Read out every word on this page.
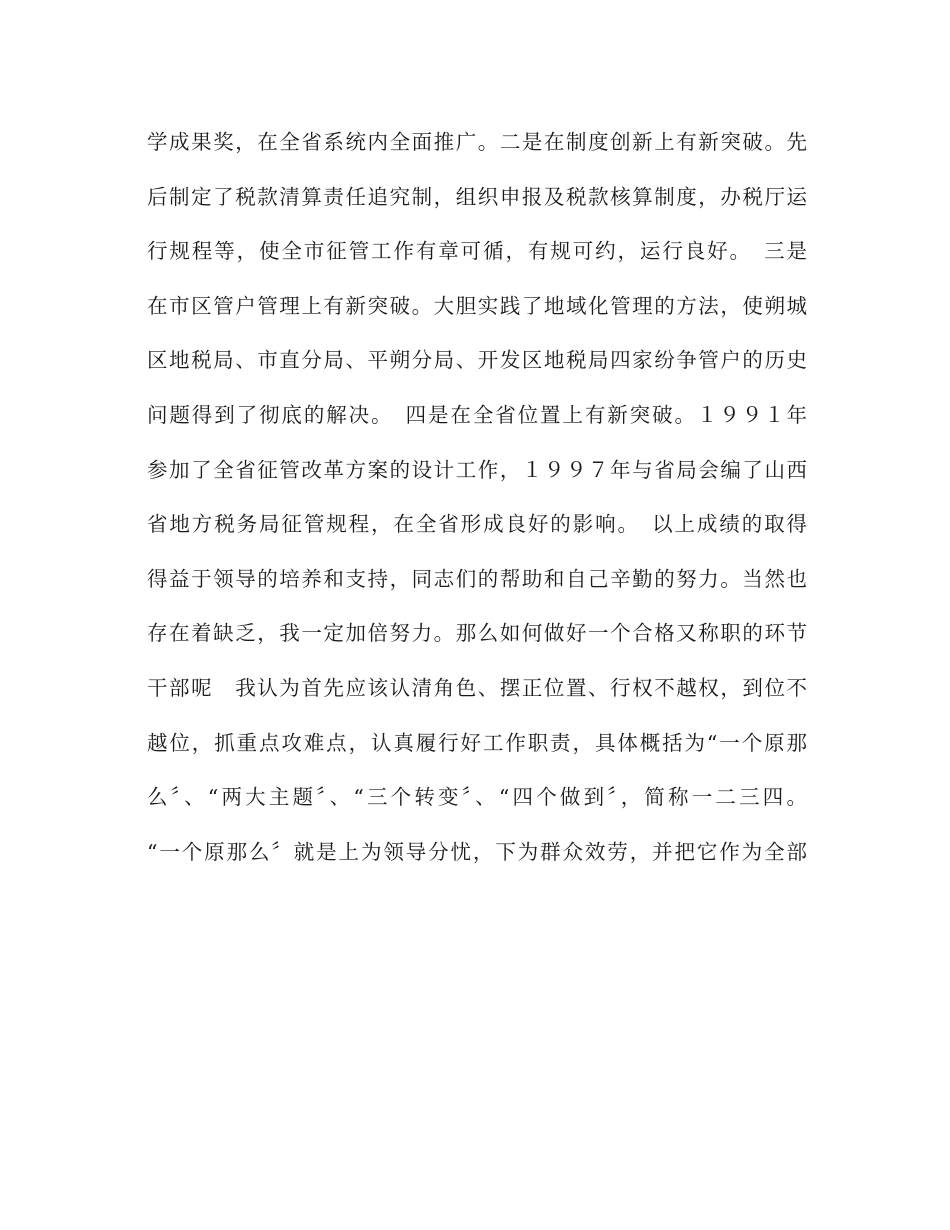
学成果奖，在全省系统内全面推广。二是在制度创新上有新突破。先
后制定了税款清算责任追究制，组织申报及税款核算制度，办税厅运
行规程等，使全市征管工作有章可循，有规可约，运行良好。　三是
在市区管户管理上有新突破。大胆实践了地域化管理的方法，使朔城
区地税局、市直分局、平朔分局、开发区地税局四家纷争管户的历史
问题得到了彻底的解决。　四是在全省位置上有新突破。１９９１年
参加了全省征管改革方案的设计工作，１９９７年与省局会编了山西
省地方税务局征管规程，在全省形成良好的影响。　以上成绩的取得
得益于领导的培养和支持，同志们的帮助和自己辛勤的努力。当然也
存在着缺乏，我一定加倍努力。那么如何做好一个合格又称职的环节
干部呢　我认为首先应该认清角色、摆正位置、行权不越权，到位不
越位，抓重点攻难点，认真履行好工作职责，具体概括为“一个原那
么〞、“两大主题〞、“三个转变〞、“四个做到〞，简称一二三四。
“一个原那么〞就是上为领导分忧，下为群众效劳，并把它作为全部
